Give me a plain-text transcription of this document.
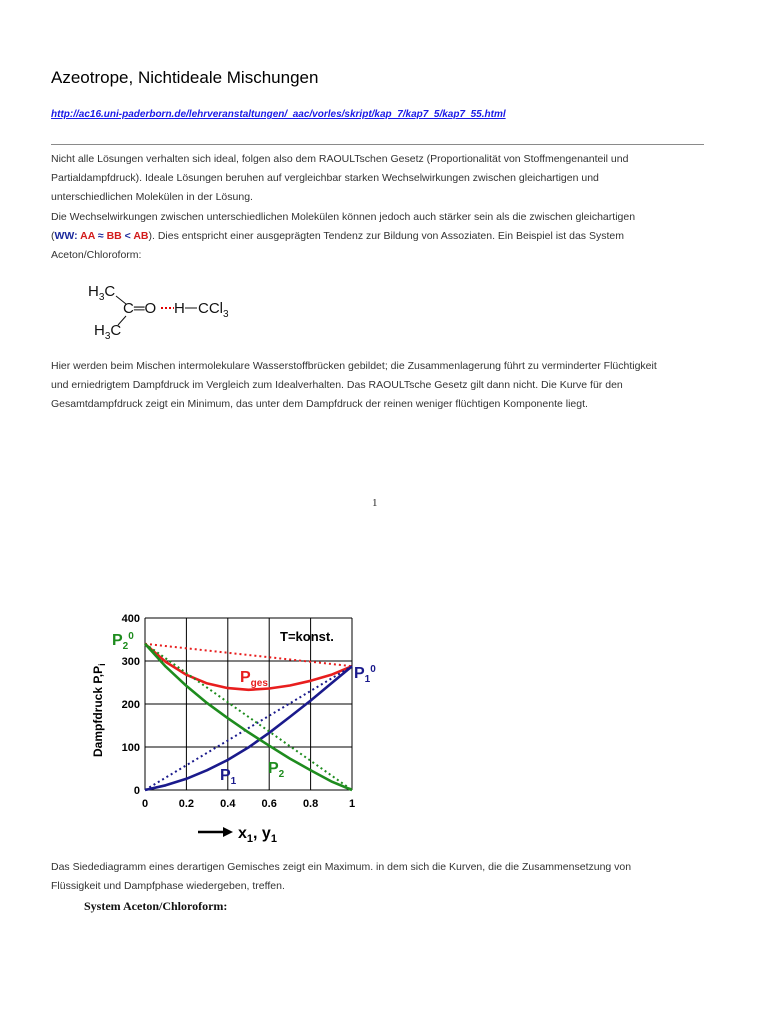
Azeotrope, Nichtideale Mischungen
http://ac16.uni-paderborn.de/lehrveranstaltungen/_aac/vorles/skript/kap_7/kap7_5/kap7_55.html

Nicht alle Lösungen verhalten sich ideal, folgen also dem RAOULTschen Gesetz (Proportionalität von Stoffmengenanteil und
Partialdampfdruck). Ideale Lösungen beruhen auf vergleichbar starken Wechselwirkungen zwischen gleichartigen und
unterschiedlichen Molekülen in der Lösung.
Die Wechselwirkungen zwischen unterschiedlichen Molekülen können jedoch auch stärker sein als die zwischen gleichartigen
(WW: AA ≈ BB < AB). Dies entspricht einer ausgeprägten Tendenz zur Bildung von Assoziaten. Ein Beispiel ist das System
Aceton/Chloroform:

$H_3C$
C═O H CCl$_3$
$H_3C$

Hier werden beim Mischen intermolekulare Wasserstoffbrücken gebildet; die Zusammenlagerung führt zu verminderter Flüchtigkeit
und erniedrigtem Dampfdruck im Vergleich zum Idealverhalten. Das RAOULTsche Gesetz gilt dann nicht. Die Kurve für den
Gesamtdampfdruck zeigt ein Minimum, das unter dem Dampfdruck der reinen weniger flüchtigen Komponente liegt.

1
0	0.2 0.4 0.6 0.8	1
0
100
200
300
400
T=konst.
Dampfdruck $P,P_i$
$x_1$, $y_1$
$P_2^0$
$P_1^0$
$P_{ges}$
$P_1$
$P_2$

Das Siedediagramm eines derartigen Gemisches zeigt ein Maximum. in dem sich die Kurven, die die Zusammensetzung von
Flüssigkeit und Dampfphase wiedergeben, treffen.

System Aceton/Chloroform:
